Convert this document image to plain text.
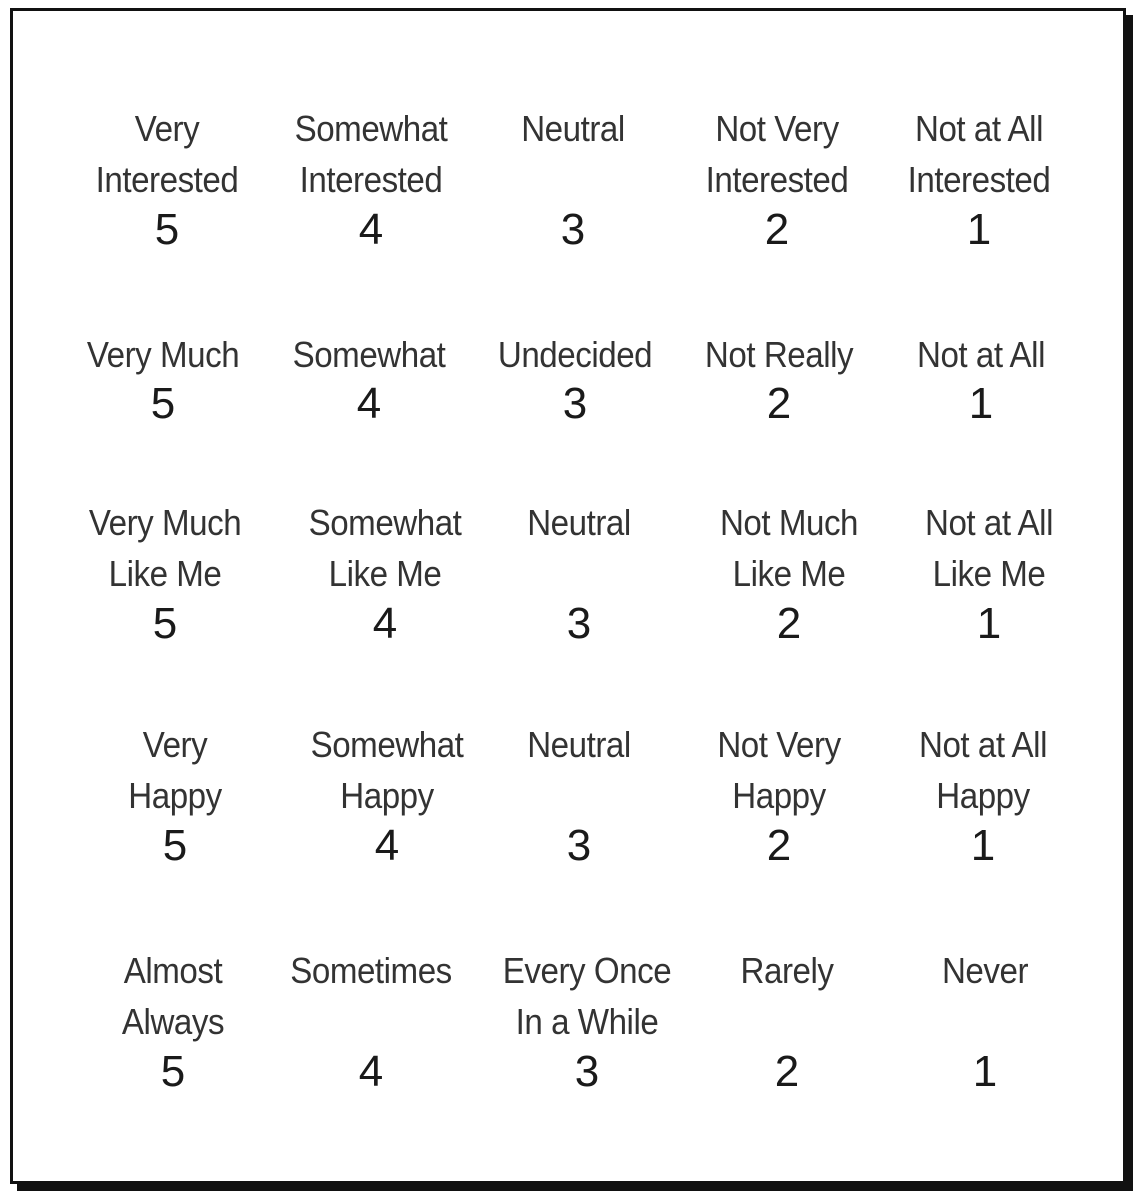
Very
Interested
5
Somewhat
Interested
4
Neutral
3
Not Very
Interested
2
Not at All
Interested
1
Very Much
5
Somewhat
4
Undecided
3
Not Really
2
Not at All
1
Very Much
Like Me
5
Somewhat
Like Me
4
Neutral
3
Not Much
Like Me
2
Not at All
Like Me
1
Very
Happy
5
Somewhat
Happy
4
Neutral
3
Not Very
Happy
2
Not at All
Happy
1
Almost
Always
5
Sometimes
4
Every Once
In a While
3
Rarely
2
Never
1
